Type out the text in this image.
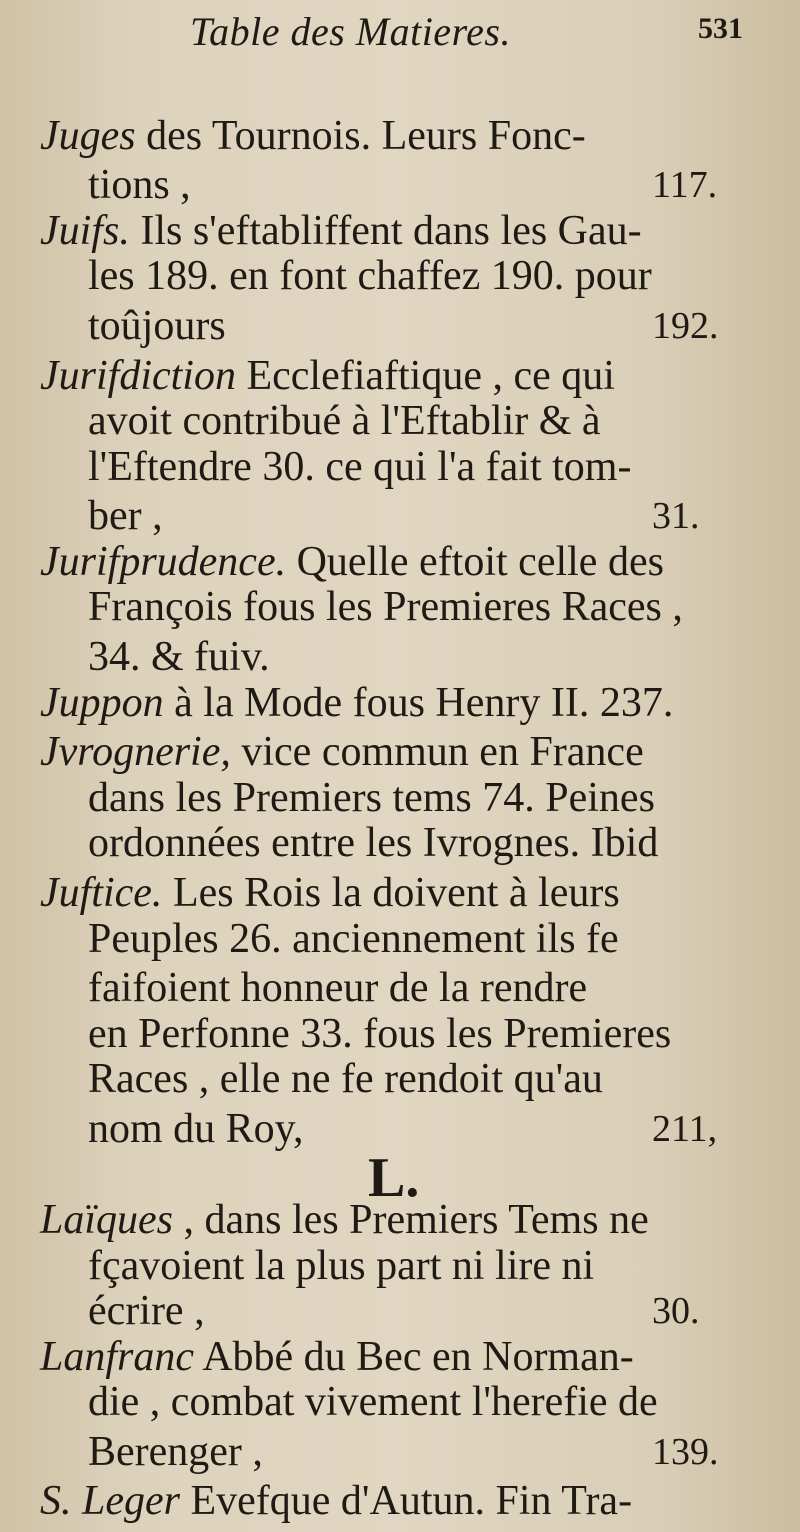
Table des Matieres.	531
Juges des Tournois. Leurs Fonc-
tions ,	117.
Juifs. Ils s'eftabliffent dans les Gau-
les 189. en font chaffez 190. pour
toûjours	192.
Jurifdiction Ecclefiaftique , ce qui
avoit contribué à l'Eftablir & à
l'Eftendre 30. ce qui l'a fait tom-
ber ,	31.
Jurifprudence. Quelle eftoit celle des
François fous les Premieres Races ,
34. & fuiv.
Juppon à la Mode fous Henry II. 237.
Jvrognerie, vice commun en France
dans les Premiers tems 74. Peines
ordonnées entre les Ivrognes. Ibid
Juftice. Les Rois la doivent à leurs
Peuples 26. anciennement ils fe
faifoient honneur de la rendre
en Perfonne 33. fous les Premieres
Races , elle ne fe rendoit qu'au
nom du Roy,	211,
Laïques , dans les Premiers Tems ne
fçavoient la plus part ni lire ni
écrire ,	30.
Lanfranc Abbé du Bec en Norman-
die , combat vivement l'herefie de
Berenger ,	139.
S. Leger Evefque d'Autun. Fin Tra-
L.
